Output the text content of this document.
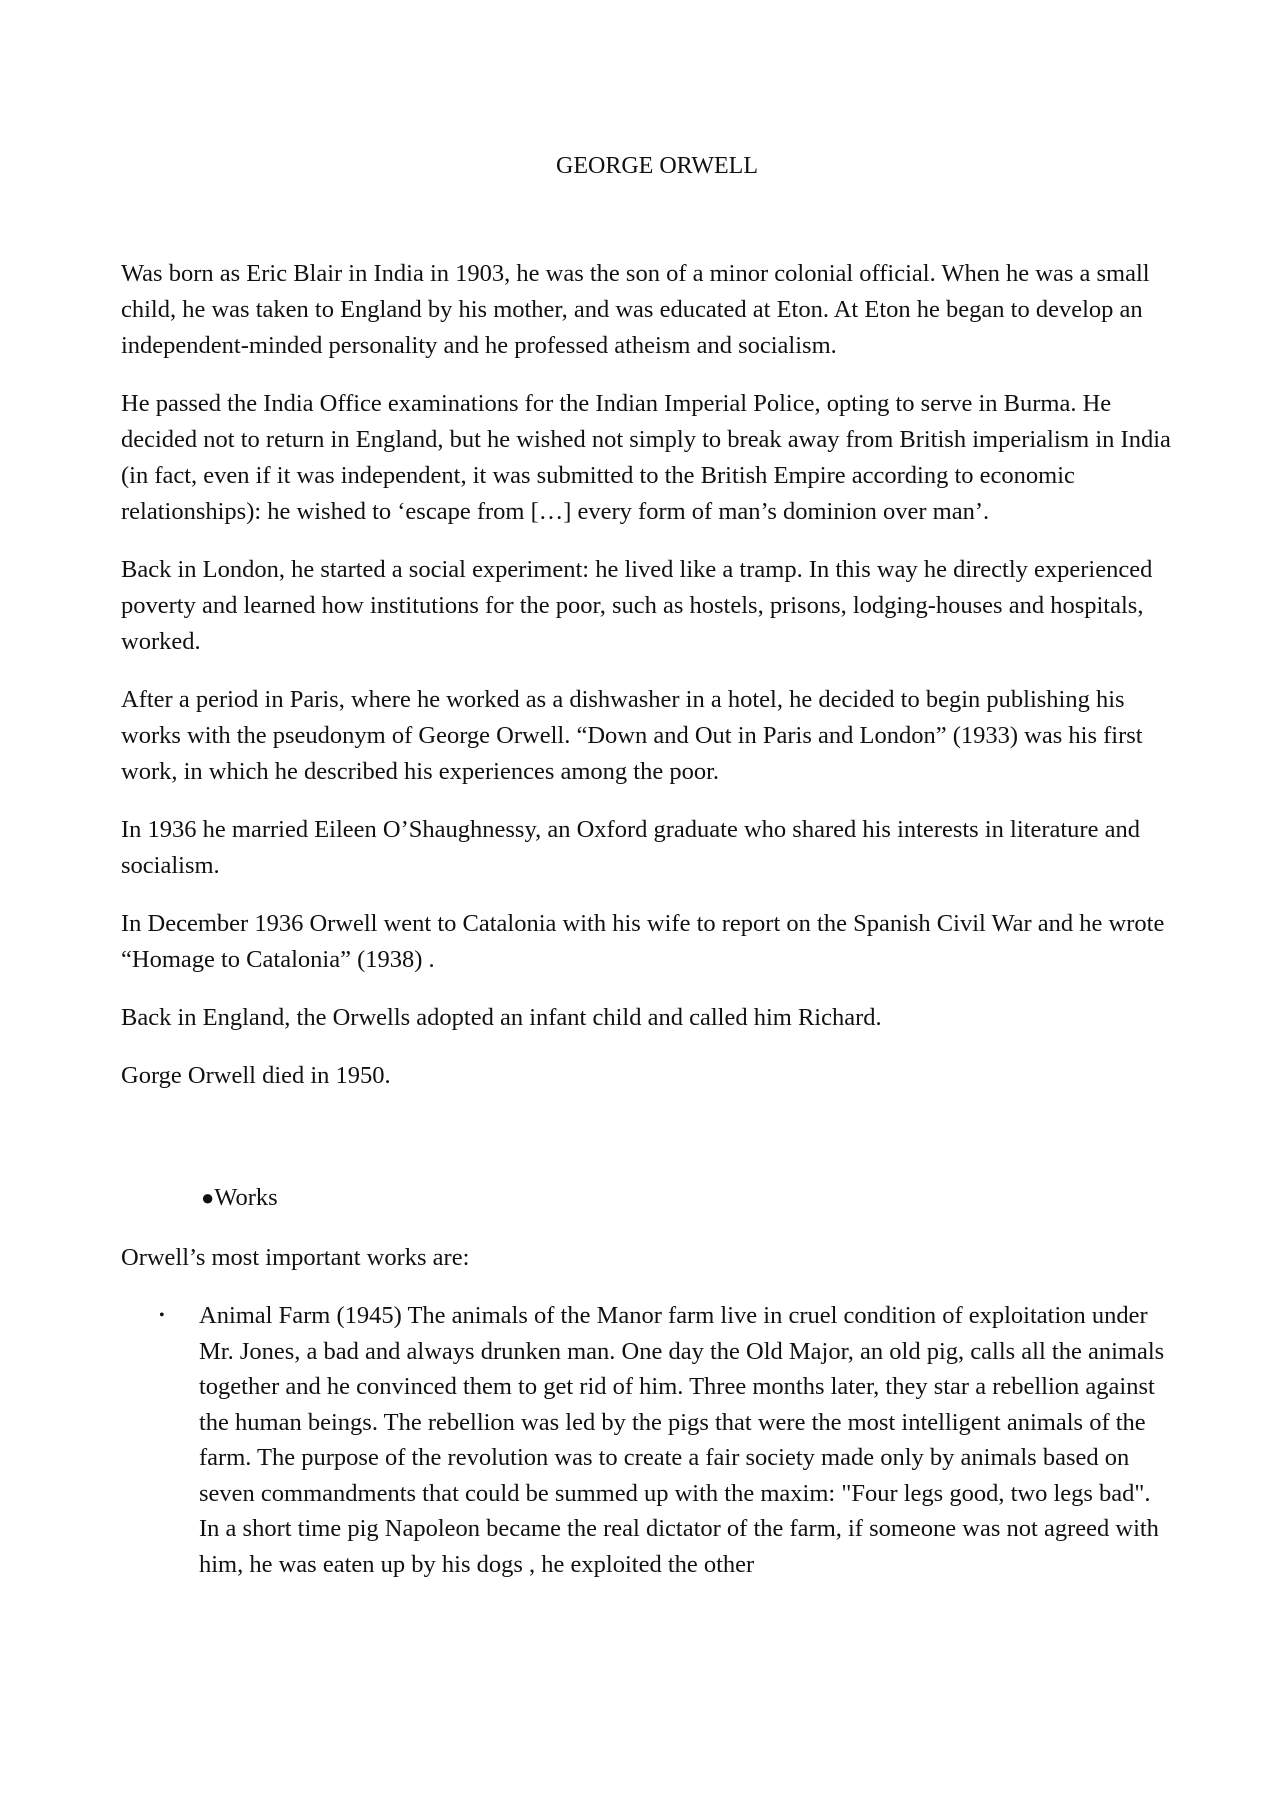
GEORGE ORWELL

Was born as Eric Blair in India in 1903, he was the son of a minor colonial official. When he was a small child, he was taken to England by his mother, and was educated at Eton. At Eton he began to develop an independent-minded personality and he professed atheism and socialism.

He passed the India Office examinations for the Indian Imperial Police, opting to serve in Burma. He decided not to return in England, but he wished not simply to break away from British imperialism in India (in fact, even if it was independent, it was submitted to the British Empire according to economic relationships): he wished to ‘escape from […] every form of man’s dominion over man’.

Back in London, he started a social experiment: he lived like a tramp. In this way he directly experienced poverty and learned how institutions for the poor, such as hostels, prisons, lodging-houses and hospitals, worked.

After a period in Paris, where he worked as a dishwasher in a hotel, he decided to begin publishing his works with the pseudonym of George Orwell. “Down and Out in Paris and London” (1933) was his first work, in which he described his experiences among the poor.

In 1936 he married Eileen O’Shaughnessy, an Oxford graduate who shared his interests in literature and socialism.

In December 1936 Orwell went to Catalonia with his wife to report on the Spanish Civil War and he wrote “Homage to Catalonia” (1938) .

Back in England, the Orwells adopted an infant child and called him Richard.

Gorge Orwell died in 1950.

●Works

Orwell’s most important works are:

• Animal Farm (1945) The animals of the Manor farm live in cruel condition of exploitation under Mr. Jones, a bad and always drunken man. One day the Old Major, an old pig, calls all the animals together and he convinced them to get rid of him. Three months later, they star a rebellion against the human beings. The rebellion was led by the pigs that were the most intelligent animals of the farm. The purpose of the revolution was to create a fair society made only by animals based on seven commandments that could be summed up with the maxim: "Four legs good, two legs bad". In a short time pig Napoleon became the real dictator of the farm, if someone was not agreed with him, he was eaten up by his dogs , he exploited the other
